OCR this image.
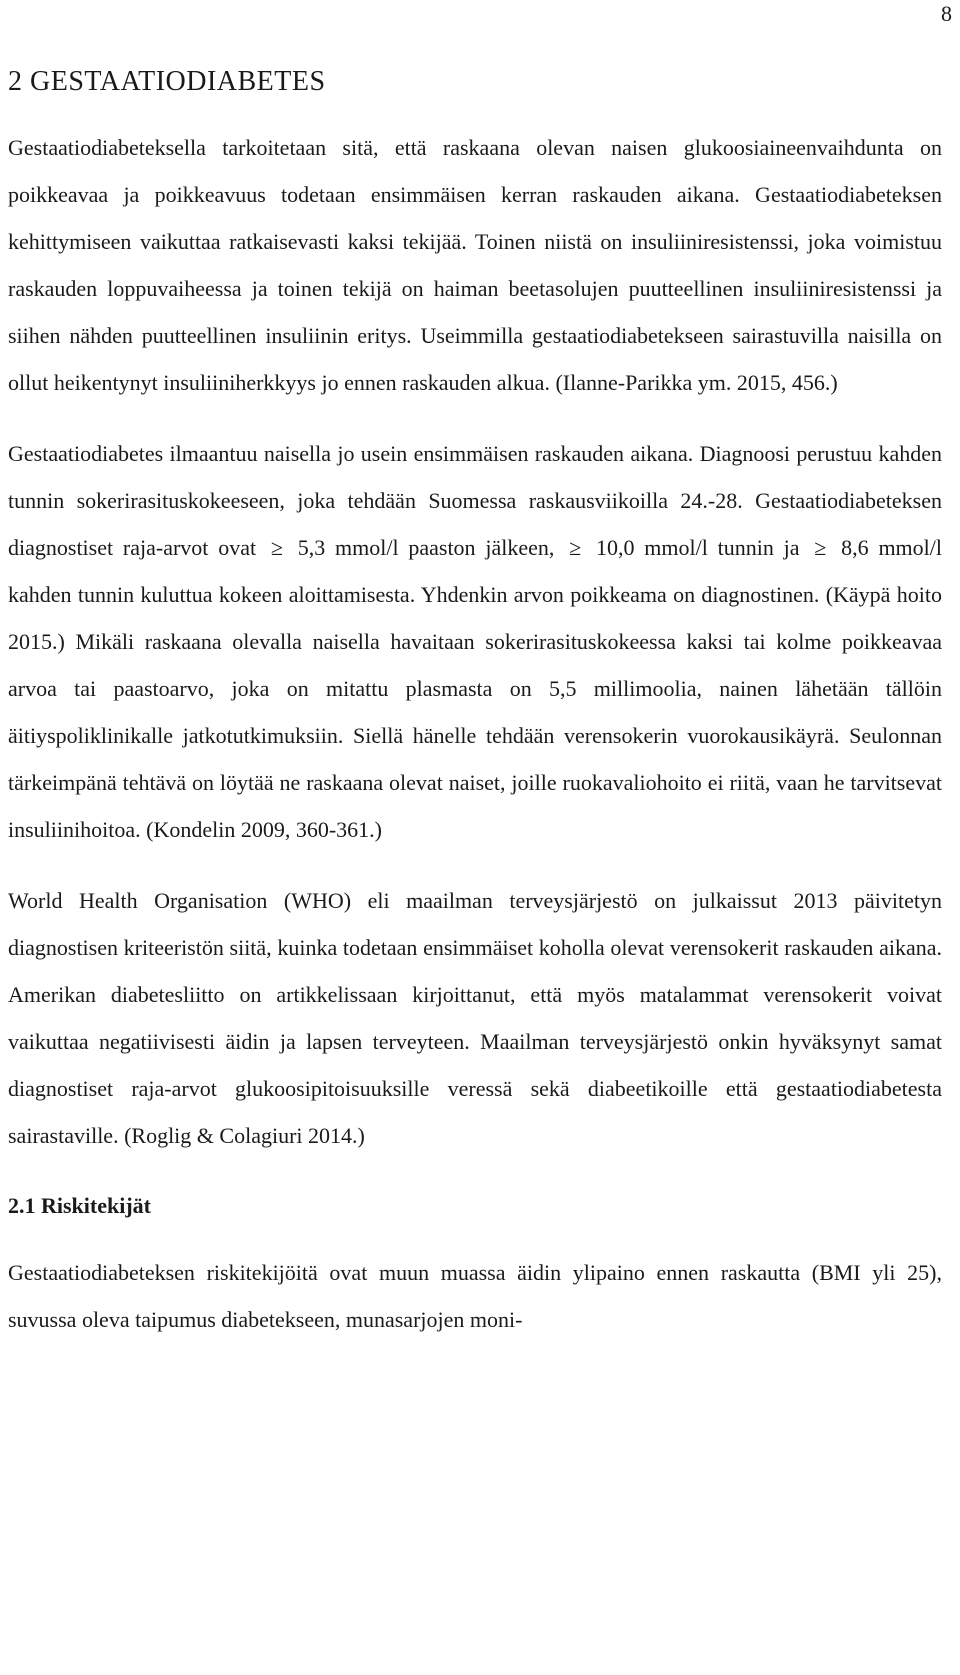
8
2 GESTAATIODIABETES

Gestaatiodiabeteksella tarkoitetaan sitä, että raskaana olevan naisen glukoosiaineenvaihdunta on poikkeavaa ja poikkeavuus todetaan ensimmäisen kerran raskauden aikana. Gestaatiodiabeteksen kehittymiseen vaikuttaa ratkaisevasti kaksi tekijää. Toinen niistä on insuliiniresistenssi, joka voimistuu raskauden loppuvaiheessa ja toinen tekijä on haiman beetasolujen puutteellinen insuliiniresistenssi ja siihen nähden puutteellinen insuliinin eritys. Useimmilla gestaatiodiabetekseen sairastuvilla naisilla on ollut heikentynyt insuliiniherkkyys jo ennen raskauden alkua. (Ilanne-Parikka ym. 2015, 456.)

Gestaatiodiabetes ilmaantuu naisella jo usein ensimmäisen raskauden aikana. Diagnoosi perustuu kahden tunnin sokerirasituskokeeseen, joka tehdään Suomessa raskausviikoilla 24.-28. Gestaatiodiabeteksen diagnostiset raja-arvot ovat ≥ 5,3 mmol/l paaston jälkeen, ≥ 10,0 mmol/l tunnin ja ≥ 8,6 mmol/l kahden tunnin kuluttua kokeen aloittamisesta. Yhdenkin arvon poikkeama on diagnostinen. (Käypä hoito 2015.) Mikäli raskaana olevalla naisella havaitaan sokerirasituskokeessa kaksi tai kolme poikkeavaa arvoa tai paastoarvo, joka on mitattu plasmasta on 5,5 millimoolia, nainen lähetään tällöin äitiyspoliklinikalle jatkotutkimuksiin. Siellä hänelle tehdään verensokerin vuorokausikäyrä. Seulonnan tärkeimpänä tehtävä on löytää ne raskaana olevat naiset, joille ruokavaliohoito ei riitä, vaan he tarvitsevat insuliinihoitoa. (Kondelin 2009, 360-361.)

World Health Organisation (WHO) eli maailman terveysjärjestö on julkaissut 2013 päivitetyn diagnostisen kriteeristön siitä, kuinka todetaan ensimmäiset koholla olevat verensokerit raskauden aikana. Amerikan diabetesliitto on artikkelissaan kirjoittanut, että myös matalammat verensokerit voivat vaikuttaa negatiivisesti äidin ja lapsen terveyteen. Maailman terveysjärjestö onkin hyväksynyt samat diagnostiset raja-arvot glukoosipitoisuuksille veressä sekä diabeetikoille että gestaatiodiabetesta sairastaville. (Roglig & Colagiuri 2014.)

2.1 Riskitekijät

Gestaatiodiabeteksen riskitekijöitä ovat muun muassa äidin ylipaino ennen raskautta (BMI yli 25), suvussa oleva taipumus diabetekseen, munasarjojen moni-
